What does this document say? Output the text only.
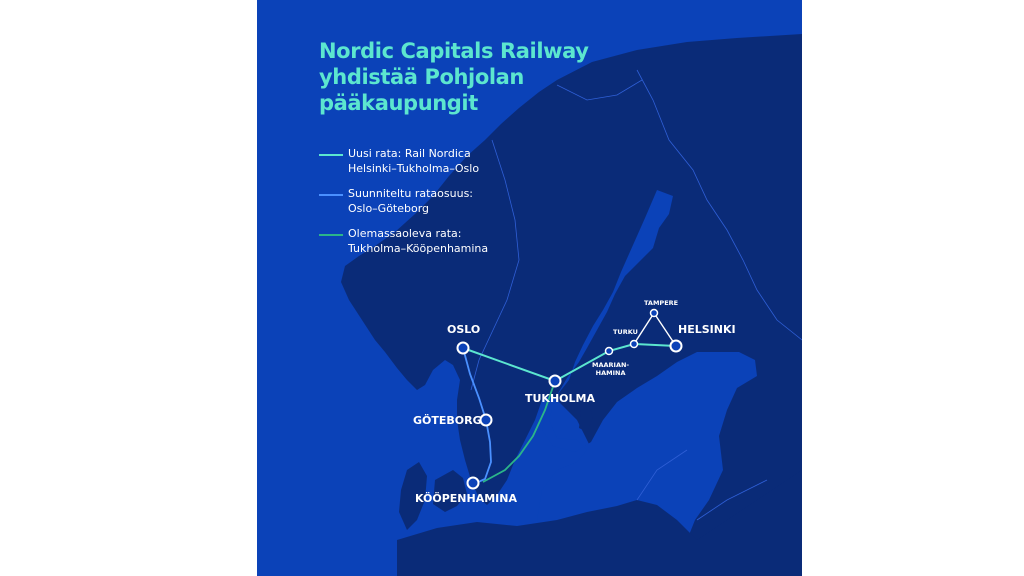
Nordic Capitals Railway
yhdistää Pohjolan
pääkaupungit
Uusi rata: Rail Nordica
Helsinki–Tukholma–Oslo
Suunniteltu rataosuus:
Oslo–Göteborg
Olemassaoleva rata:
Tukholma–Kööpenhamina
OSLO
TUKHOLMA
GÖTEBORG
KÖÖPENHAMINA
HELSINKI
TAMPERE
TURKU
MAARIAN-
HAMINA
